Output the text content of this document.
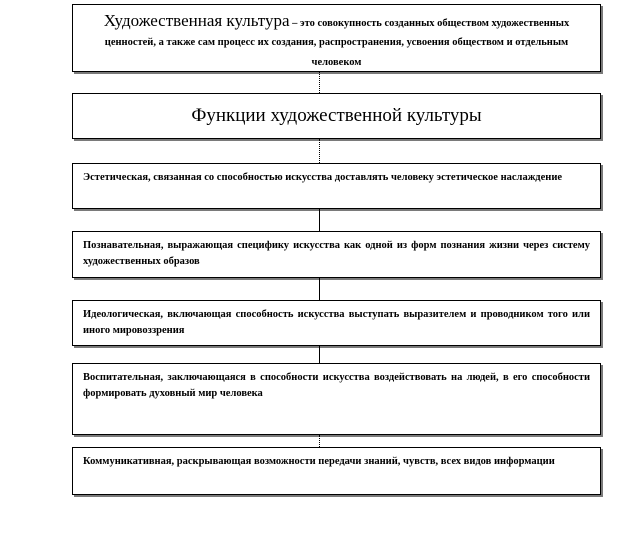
Художественная культура – это совокупность созданных обществом художественных ценностей, а также сам процесс их создания, распространения, усвоения обществом и отдельным человеком
Функции художественной культуры
Эстетическая, связанная со способностью искусства доставлять человеку эстетическое наслаждение
Познавательная, выражающая специфику искусства как одной из форм познания жизни через систему художественных образов
Идеологическая, включающая способность искусства выступать выразителем и проводником того или иного мировоззрения
Воспитательная, заключающаяся в способности искусства воздействовать на людей, в его способности формировать духовный мир человека
Коммуникативная, раскрывающая возможности передачи знаний, чувств, всех видов информации
